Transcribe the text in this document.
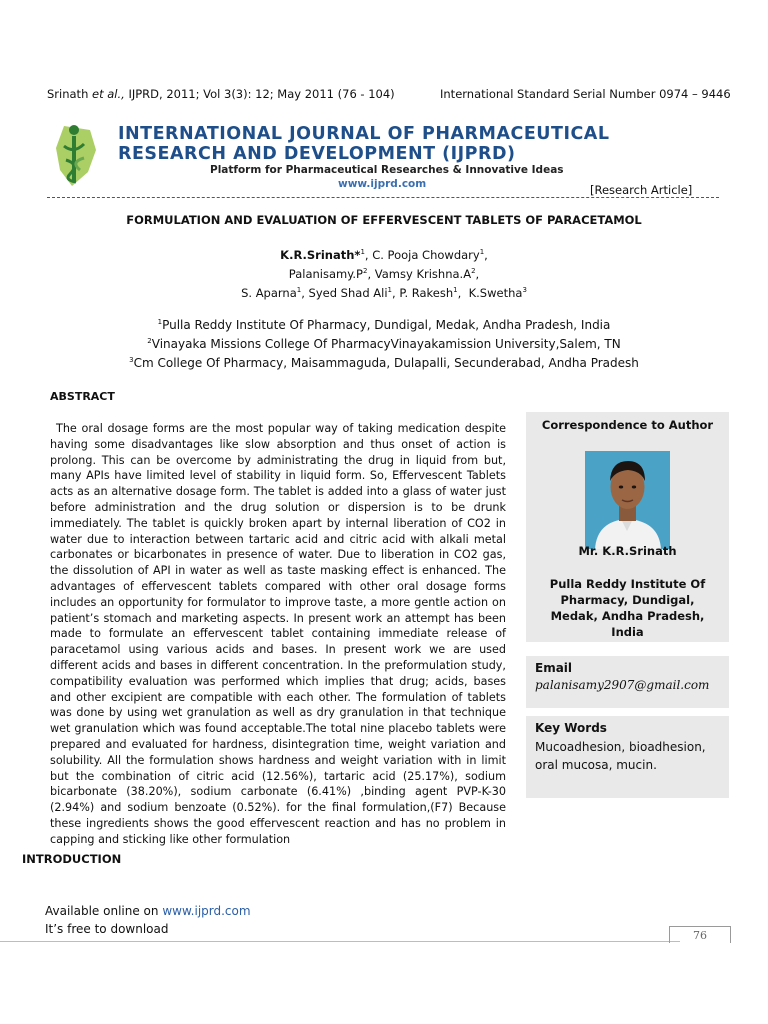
Srinath et al., IJPRD, 2011; Vol 3(3): 12; May 2011 (76 - 104)	International Standard Serial Number 0974 – 9446
INTERNATIONAL JOURNAL OF PHARMACEUTICAL
RESEARCH AND DEVELOPMENT (IJPRD)
Platform for Pharmaceutical Researches & Innovative Ideas
www.ijprd.com	[Research Article]
FORMULATION AND EVALUATION OF EFFERVESCENT TABLETS OF PARACETAMOL
K.R.Srinath*$^1$, C. Pooja Chowdary$^1$,
$Palanisamy.P^2$, Vamsy $Krishna.A^2$,
S. Aparna$^1$, Syed Shad Ali$^1$, P. Rakesh$^1$,  K.Swetha$^3$
$^1$Pulla Reddy Institute Of Pharmacy, Dundigal, Medak, Andha Pradesh, India
$^2$Vinayaka Missions College Of PharmacyVinayakamission University,Salem, TN
$^3$Cm College Of Pharmacy, Maisammaguda, Dulapalli, Secunderabad, Andha Pradesh
ABSTRACT
The oral dosage forms are the most popular way of taking medication despite having some disadvantages like slow absorption and thus onset of action is prolong. This can be overcome by administrating the drug in liquid from but, many APIs have limited level of stability in liquid form. So, Effervescent Tablets acts as an alternative dosage form. The tablet is added into a glass of water just before administration and the drug solution or dispersion is to be drunk immediately. The tablet is quickly broken apart by internal liberation of CO2 in water due to interaction between tartaric acid and citric acid with alkali metal carbonates or bicarbonates in presence of water. Due to liberation in CO2 gas, the dissolution of API in water as well as taste masking effect is enhanced. The advantages of effervescent tablets compared with other oral dosage forms includes an opportunity for formulator to improve taste, a more gentle action on patient’s stomach and marketing aspects. In present work an attempt has been made to formulate an effervescent tablet containing immediate release of paracetamol using various acids and bases. In present work we are used different acids and bases in different concentration. In the preformulation study, compatibility evaluation was performed which implies that drug; acids, bases and other excipient are compatible with each other. The formulation of tablets was done by using wet granulation as well as dry granulation in that technique wet granulation which was found acceptable.The total nine placebo tablets were prepared and evaluated for hardness, disintegration time, weight variation and solubility. All the formulation shows hardness and weight variation with in limit but the combination of citric acid (12.56%), tartaric acid (25.17%), sodium bicarbonate (38.20%), sodium carbonate (6.41%) ,binding agent PVP-K-30 (2.94%) and sodium benzoate (0.52%). for the final formulation,(F7) Because these ingredients shows the good effervescent reaction and has no problem in capping and sticking like other formulation
Correspondence to Author
Mr. K.R.Srinath
Pulla Reddy Institute Of Pharmacy, Dundigal, Medak, Andha Pradesh, India
Email
palanisamy2907@gmail.com
Key Words
Mucoadhesion, bioadhesion, oral mucosa, mucin.
INTRODUCTION
Available online on www.ijprd.com
It’s free to download	76
